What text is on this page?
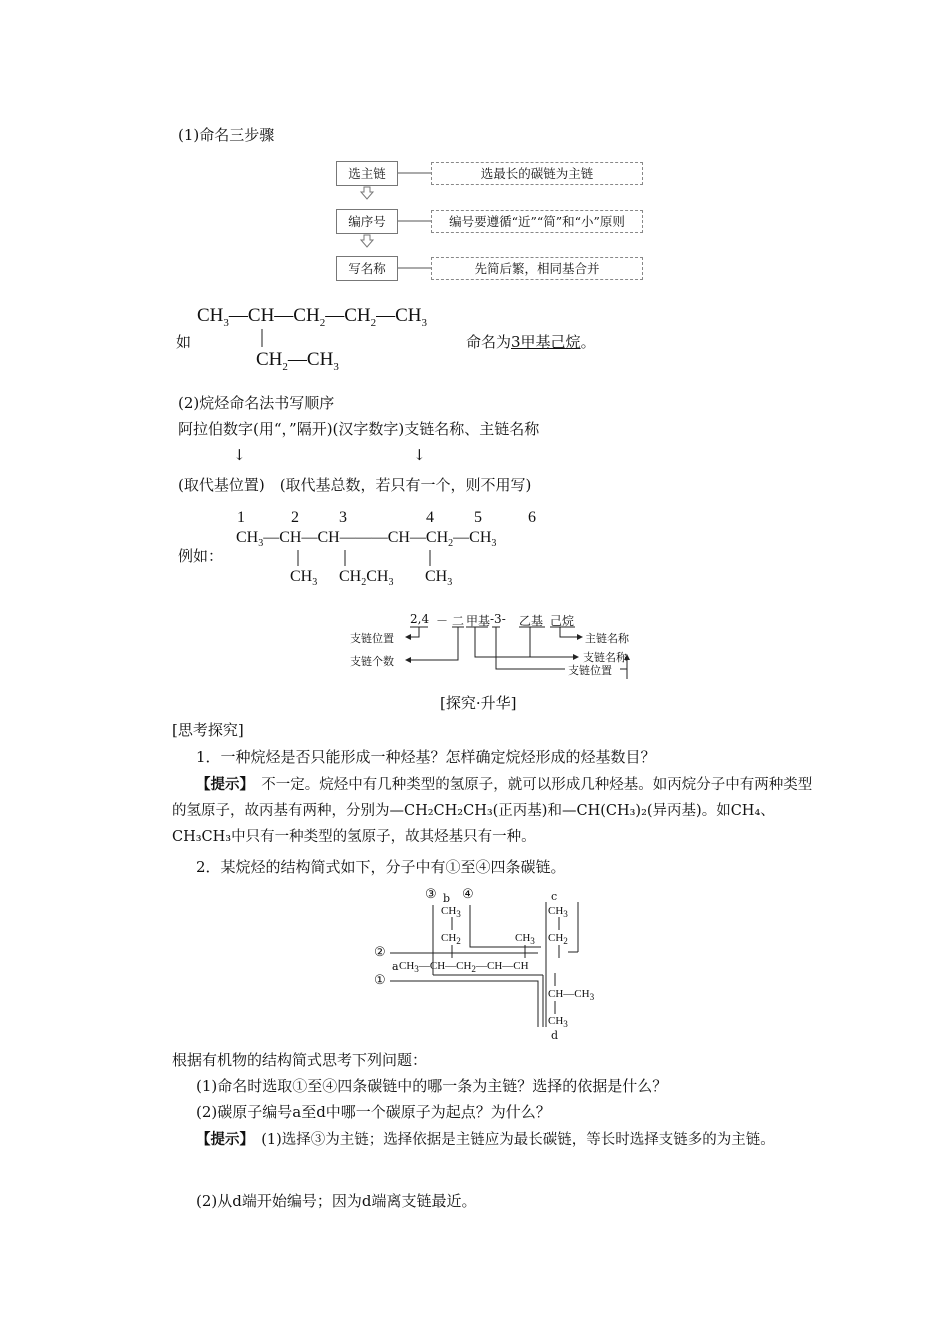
(1)命名三步骤
选主链
编序号
写名称
选最长的碳链为主链
编号要遵循“近”“简”和“小”原则
先简后繁，相同基合并
$CH_3—CH—CH_2—CH_2—CH_3$
$CH_2—CH_3$
如	命名为3甲基己烷。
(2)烷烃命名法书写顺序
阿拉伯数字(用“，”隔开)(汉字数字)支链名称、主链名称
↓	↓
(取代基位置)　(取代基总数，若只有一个，则不用写)
例如：
1	2	3	4	5	6
$CH_3—CH—CH———CH—CH_2—CH_3$
$CH_3$ $CH_2CH_3$ $CH_3$
2,4 － 二 甲基 -3- 乙基 己烷
支链位置
支链个数
主链名称
支链名称
支链位置
[探究·升华]
[思考探究]
1．一种烷烃是否只能形成一种烃基？怎样确定烷烃形成的烃基数目？
【提示】　不一定。烷烃中有几种类型的氢原子，就可以形成几种烃基。如丙烷分子中有两种类型的氢原子，故丙基有两种，分别为—CH₂CH₂CH₃(正丙基)和—CH(CH₃)₂(异丙基)。如CH₄、CH₃CH₃中只有一种类型的氢原子，故其烃基只有一种。
2．某烷烃的结构简式如下，分子中有①至④四条碳链。
③ b ④	c
②
①
a
d
$CH_3$
$CH_2$
$CH_3$
$CH_2$
$CH_3$
$CH_3—CH—CH_2—CH—CH$
$CH—CH_3$
$CH_3$
根据有机物的结构简式思考下列问题：
(1)命名时选取①至④四条碳链中的哪一条为主链？选择的依据是什么？
(2)碳原子编号a至d中哪一个碳原子为起点？为什么？
【提示】　(1)选择③为主链；选择依据是主链应为最长碳链，等长时选择支链多的为主链。
(2)从d端开始编号；因为d端离支链最近。
